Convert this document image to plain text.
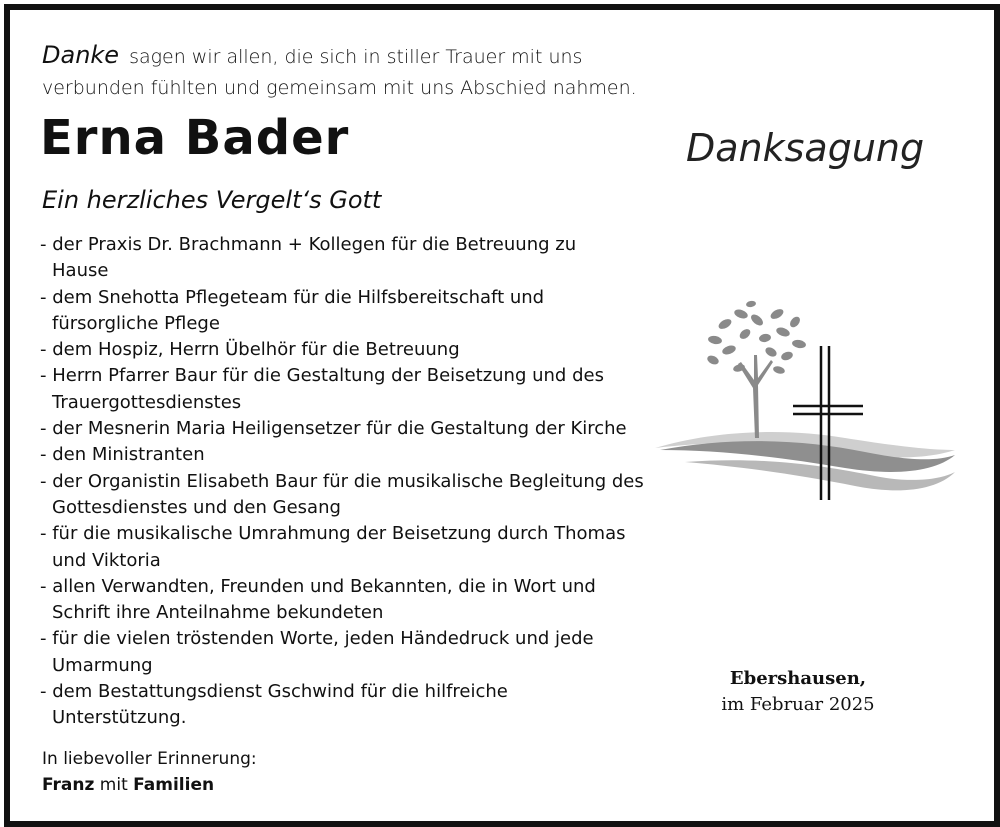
Danke sagen wir allen, die sich in stiller Trauer mit uns
verbunden fühlten und gemeinsam mit uns Abschied nahmen.
Erna Bader	Danksagung
Ein herzliches Vergelt‘s Gott
- der Praxis Dr. Brachmann + Kollegen für die Betreuung zu
Hause
- dem Snehotta Pflegeteam für die Hilfsbereitschaft und
fürsorgliche Pflege
- dem Hospiz, Herrn Übelhör für die Betreuung
- Herrn Pfarrer Baur für die Gestaltung der Beisetzung und des
Trauergottesdienstes
- der Mesnerin Maria Heiligensetzer für die Gestaltung der Kirche
- den Ministranten
- der Organistin Elisabeth Baur für die musikalische Begleitung des
Gottesdienstes und den Gesang
- für die musikalische Umrahmung der Beisetzung durch Thomas
und Viktoria
- allen Verwandten, Freunden und Bekannten, die in Wort und
Schrift ihre Anteilnahme bekundeten
- für die vielen tröstenden Worte, jeden Händedruck und jede
Umarmung
- dem Bestattungsdienst Gschwind für die hilfreiche
Unterstützung.
In liebevoller Erinnerung:
Franz mit Familien
Ebershausen,
im Februar 2025
